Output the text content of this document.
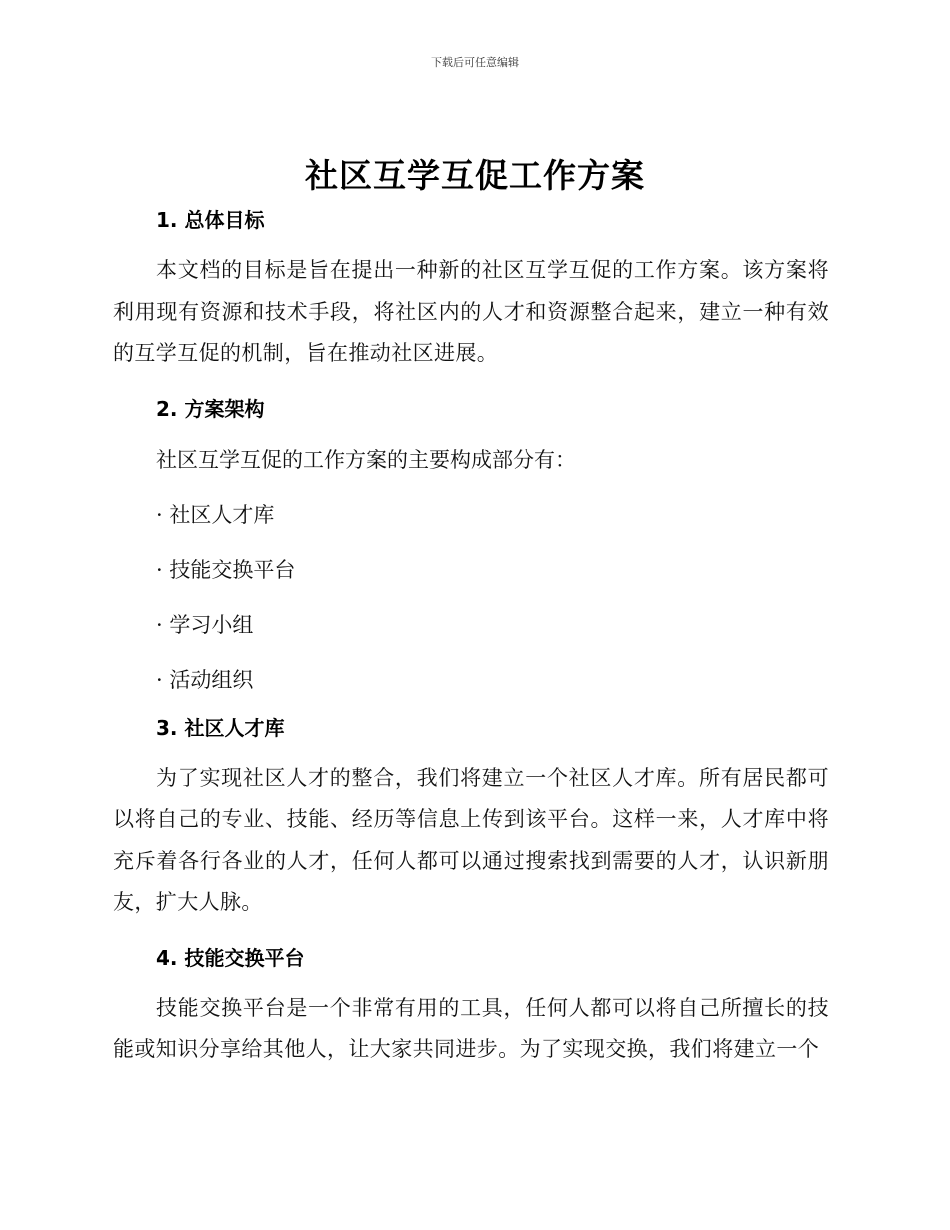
下载后可任意编辑
社区互学互促工作方案
1. 总体目标

本文档的目标是旨在提出一种新的社区互学互促的工作方案。该方案将利用现有资源和技术手段，将社区内的人才和资源整合起来，建立一种有效的互学互促的机制，旨在推动社区进展。

2. 方案架构
社区互学互促的工作方案的主要构成部分有：
· 社区人才库
· 技能交换平台
· 学习小组
· 活动组织
3. 社区人才库

为了实现社区人才的整合，我们将建立一个社区人才库。所有居民都可以将自己的专业、技能、经历等信息上传到该平台。这样一来，人才库中将充斥着各行各业的人才，任何人都可以通过搜索找到需要的人才，认识新朋友，扩大人脉。

4. 技能交换平台

技能交换平台是一个非常有用的工具，任何人都可以将自己所擅长的技能或知识分享给其他人，让大家共同进步。为了实现交换，我们将建立一个
